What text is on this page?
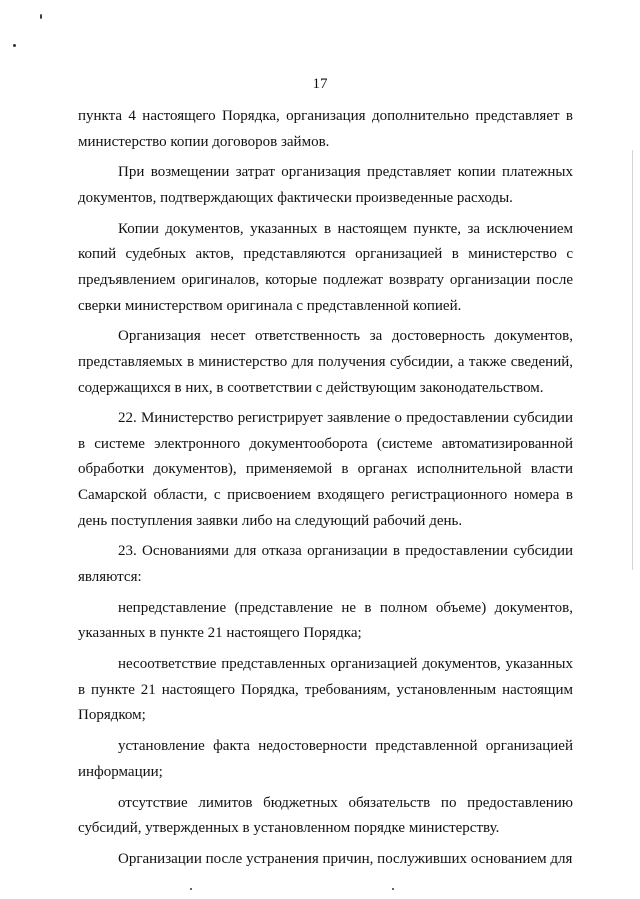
17

пункта 4 настоящего Порядка, организация дополнительно представляет в министерство копии договоров займов.

При возмещении затрат организация представляет копии платежных документов, подтверждающих фактически произведенные расходы.

Копии документов, указанных в настоящем пункте, за исключением копий судебных актов, представляются организацией в министерство с предъявлением оригиналов, которые подлежат возврату организации после сверки министерством оригинала с представленной копией.

Организация несет ответственность за достоверность документов, представляемых в министерство для получения субсидии, а также сведений, содержащихся в них, в соответствии с действующим законодательством.

22. Министерство регистрирует заявление о предоставлении субсидии в системе электронного документооборота (системе автоматизированной обработки документов), применяемой в органах исполнительной власти Самарской области, с присвоением входящего регистрационного номера в день поступления заявки либо на следующий рабочий день.

23. Основаниями для отказа организации в предоставлении субсидии являются:

непредставление (представление не в полном объеме) документов, указанных в пункте 21 настоящего Порядка;

несоответствие представленных организацией документов, указанных в пункте 21 настоящего Порядка, требованиям, установленным настоящим Порядком;

установление факта недостоверности представленной организацией информации;

отсутствие лимитов бюджетных обязательств по предоставлению субсидий, утвержденных в установленном порядке министерству.

Организации после устранения причин, послуживших основанием для
